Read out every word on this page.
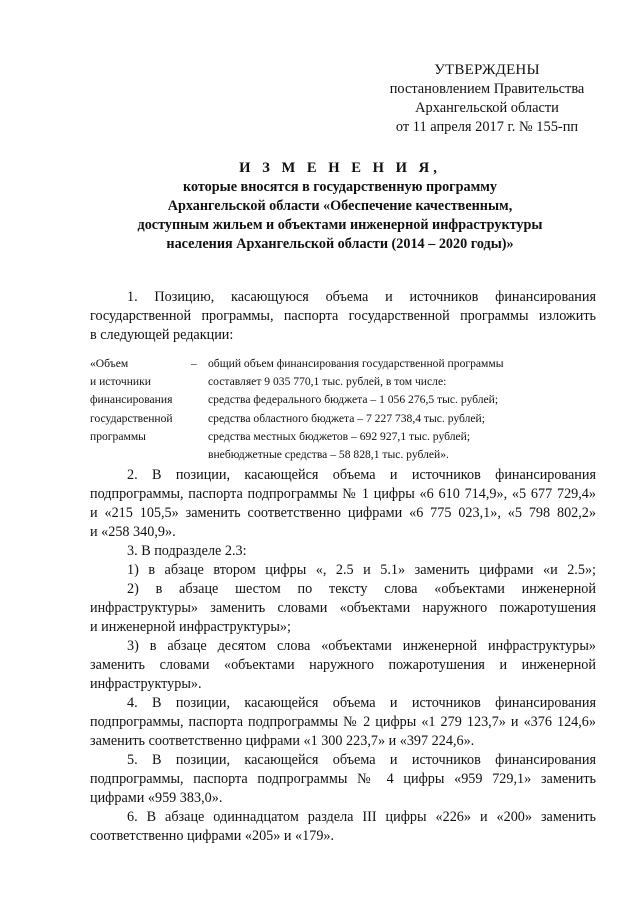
УТВЕРЖДЕНЫ
постановлением Правительства
Архангельской области
от 11 апреля 2017 г. № 155-пп
И З М Е Н Е Н И Я,
которые вносятся в государственную программу
Архангельской области «Обеспечение качественным,
доступным жильем и объектами инженерной инфраструктуры
населения Архангельской области (2014 – 2020 годы)»
1. Позицию, касающуюся объема и источников финансирования
государственной программы, паспорта государственной программы изложить
в следующей редакции:
«Объем
и источники
финансирования
государственной
программы
– общий объем финансирования государственной программы
составляет 9 035 770,1 тыс. рублей, в том числе:
средства федерального бюджета – 1 056 276,5 тыс. рублей;
средства областного бюджета – 7 227 738,4 тыс. рублей;
средства местных бюджетов – 692 927,1 тыс. рублей;
внебюджетные средства – 58 828,1 тыс. рублей».
2. В позиции, касающейся объема и источников финансирования
подпрограммы, паспорта подпрограммы № 1 цифры «6 610 714,9», «5 677 729,4»
и «215 105,5» заменить соответственно цифрами «6 775 023,1», «5 798 802,2»
и «258 340,9».
3. В подразделе 2.3:
1) в абзаце втором цифры «, 2.5 и 5.1» заменить цифрами «и 2.5»;
2) в абзаце шестом по тексту слова «объектами инженерной
инфраструктуры» заменить словами «объектами наружного пожаротушения
и инженерной инфраструктуры»;
3) в абзаце десятом слова «объектами инженерной инфраструктуры»
заменить словами «объектами наружного пожаротушения и инженерной
инфраструктуры».
4. В позиции, касающейся объема и источников финансирования
подпрограммы, паспорта подпрограммы № 2 цифры «1 279 123,7» и «376 124,6»
заменить соответственно цифрами «1 300 223,7» и «397 224,6».
5. В позиции, касающейся объема и источников финансирования
подпрограммы, паспорта подпрограммы № 4 цифры «959 729,1» заменить
цифрами «959 383,0».
6. В абзаце одиннадцатом раздела III цифры «226» и «200» заменить
соответственно цифрами «205» и «179».
